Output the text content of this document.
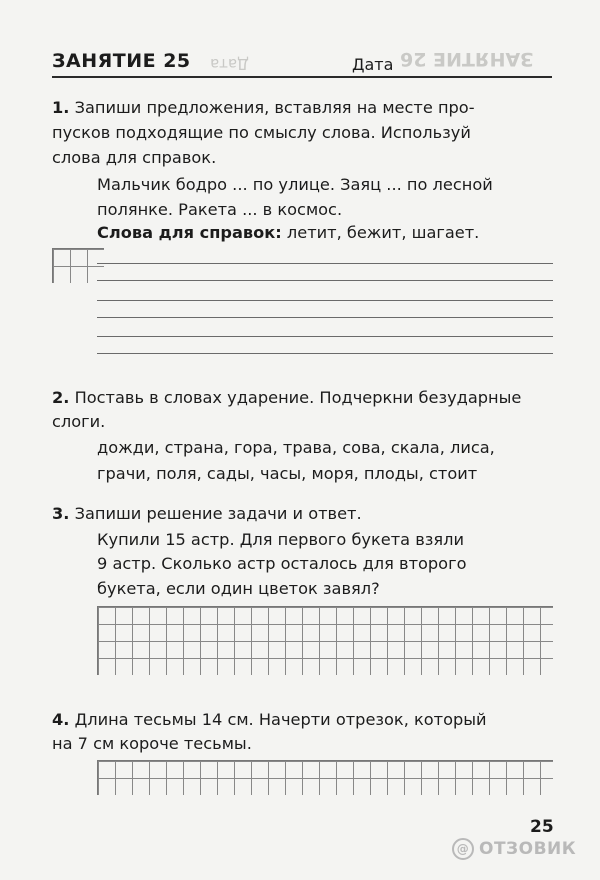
ЗАНЯТИЕ 26
Дата
ЗАНЯТИЕ 25	Дата
1. Запиши предложения, вставляя на месте про-
пусков подходящие по смыслу слова. Используй
слова для справок.
Мальчик бодро ... по улице. Заяц ... по лесной
полянке. Ракета ... в космос.
Слова для справок: летит, бежит, шагает.
2. Поставь в словах ударение. Подчеркни безударные
слоги.
дожди, страна, гора, трава, сова, скала, лиса,
грачи, поля, сады, часы, моря, плоды, стоит
3. Запиши решение задачи и ответ.
Купили 15 астр. Для первого букета взяли
9 астр. Сколько астр осталось для второго
букета, если один цветок завял?
4. Длина тесьмы 14 см. Начерти отрезок, который
на 7 см короче тесьмы.
25
@ ОТЗОВИК
